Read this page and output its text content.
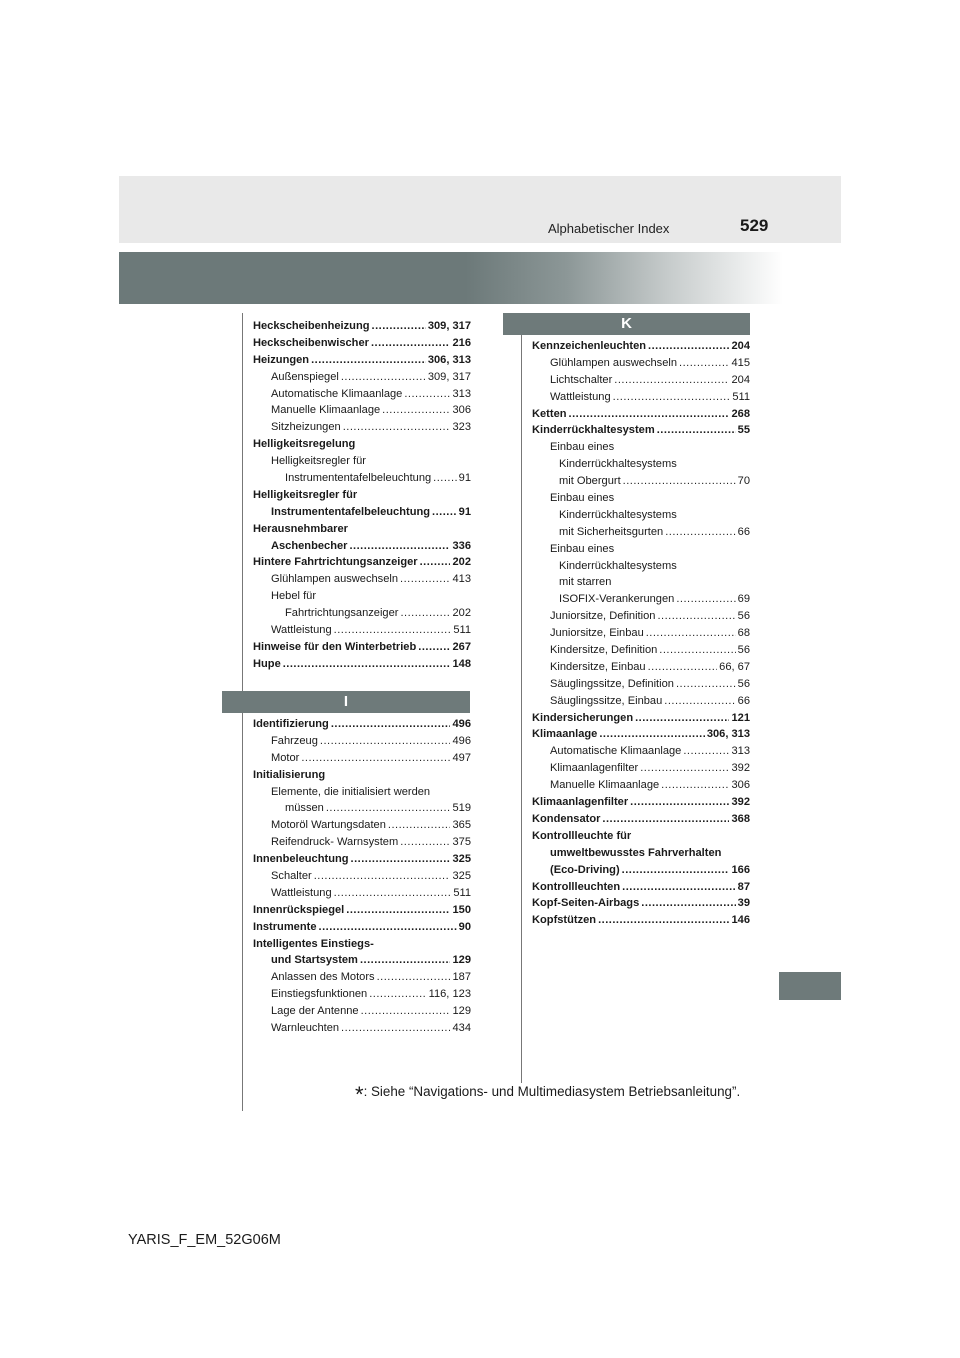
Alphabetischer Index	529
K
I
Heckscheibenheizung . . .	309, 317
Heckscheibenwischer . . .	216
Heizungen . . .	306, 313
Außenspiegel . . .	309, 317
Automatische Klimaanlage . . .	313
Manuelle Klimaanlage . . .	306
Sitzheizungen . . .	323
Helligkeitsregelung
Helligkeitsregler für
Instrumententafelbeleuchtung . . . 91
Helligkeitsregler für
Instrumententafelbeleuchtung . . .	91
Herausnehmbarer
Aschenbecher . . .	336
Hintere Fahrtrichtungsanzeiger . . .	202
Glühlampen auswechseln . . .	413
Hebel für
Fahrtrichtungsanzeiger . . .	202
Wattleistung . . .	511
Hinweise für den Winterbetrieb . . .	267
Hupe . . .	148
Identifizierung . . .	496
Fahrzeug . . .	496
Motor . . .	497
Initialisierung
Elemente, die initialisiert werden
müssen . . .	519
Motoröl Wartungsdaten . . .	365
Reifendruck- Warnsystem . . .	375
Innenbeleuchtung . . .	325
Schalter . . .	325
Wattleistung . . .	511
Innenrückspiegel . . .	150
Instrumente . . .	90
Intelligentes Einstiegs-
und Startsystem . . .	129
Anlassen des Motors . . .	187
Einstiegsfunktionen . . .	116, 123
Lage der Antenne . . .	129
Warnleuchten . . .	434
Kennzeichenleuchten . . .	204
Glühlampen auswechseln . . .	415
Lichtschalter . . .	204
Wattleistung . . .	511
Ketten . . .	268
Kinderrückhaltesystem . . .	55
Einbau eines
Kinderrückhaltesystems
mit Obergurt . . .	70
Einbau eines
Kinderrückhaltesystems
mit Sicherheitsgurten . . .	66
Einbau eines
Kinderrückhaltesystems
mit starren
ISOFIX-Verankerungen . . .	69
Juniorsitze, Definition . . .	56
Juniorsitze, Einbau . . .	68
Kindersitze, Definition . . .	56
Kindersitze, Einbau . . .	66, 67
Säuglingssitze, Definition . . .	56
Säuglingssitze, Einbau . . .	66
Kindersicherungen . . .	121
Klimaanlage . . .	306, 313
Automatische Klimaanlage . . .	313
Klimaanlagenfilter . . .	392
Manuelle Klimaanlage . . .	306
Klimaanlagenfilter . . .	392
Kondensator . . .	368
Kontrollleuchte für
umweltbewusstes Fahrverhalten
(Eco-Driving) . . .	166
Kontrollleuchten . . .	87
Kopf-Seiten-Airbags . . .	39
Kopfstützen . . .	146
*: Siehe “Navigations- und Multimediasystem Betriebsanleitung”.
YARIS_F_EM_52G06M
